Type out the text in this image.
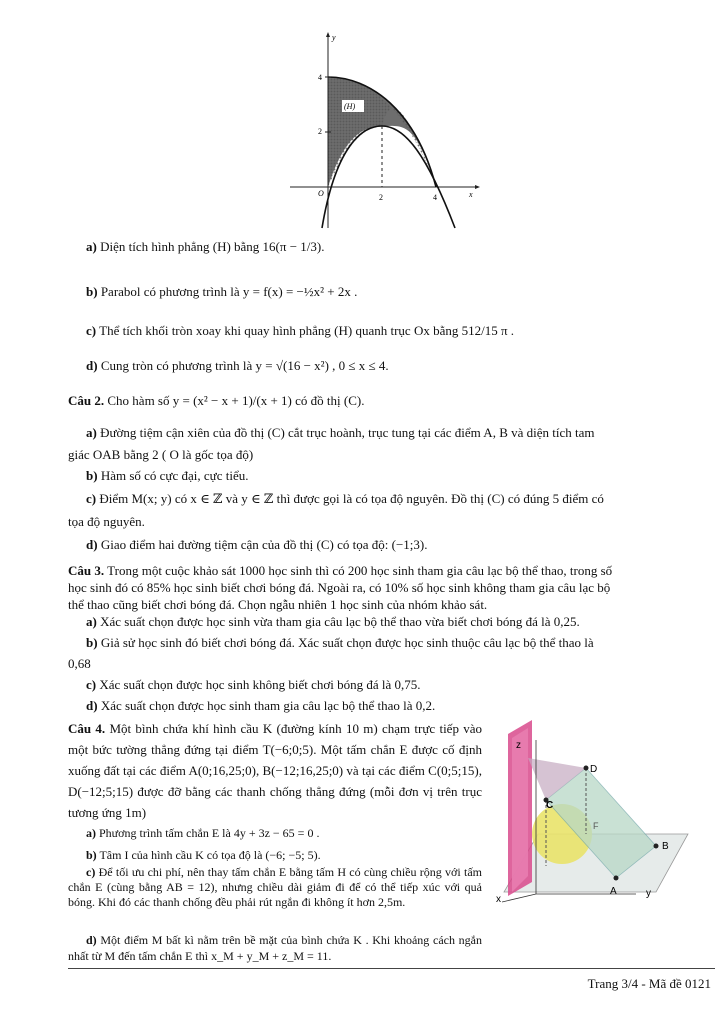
4
2
2	4
O
y
x
(H)
a) Diện tích hình phẳng (H) bằng 16(π − 1/3).
b) Parabol có phương trình là y = f(x) = −½x² + 2x .
c) Thể tích khối tròn xoay khi quay hình phẳng (H) quanh trục Ox bằng 512/15 π .
d) Cung tròn có phương trình là y = √(16 − x²) , 0 ≤ x ≤ 4.
Câu 2. Cho hàm số y = (x² − x + 1)/(x + 1) có đồ thị (C).
a) Đường tiệm cận xiên của đồ thị (C) cắt trục hoành, trục tung tại các điểm A, B và diện tích tam
giác OAB bằng 2 ( O là gốc tọa độ)
b) Hàm số có cực đại, cực tiểu.
c) Điểm M(x; y) có x ∈ ℤ và y ∈ ℤ thì được gọi là có tọa độ nguyên. Đồ thị (C) có đúng 5 điểm có
tọa độ nguyên.
d) Giao điểm hai đường tiệm cận của đồ thị (C) có tọa độ: (−1;3).
Câu 3. Trong một cuộc khảo sát 1000 học sinh thì có 200 học sinh tham gia câu lạc bộ thể thao, trong số
học sinh đó có 85% học sinh biết chơi bóng đá. Ngoài ra, có 10% số học sinh không tham gia câu lạc bộ
thể thao cũng biết chơi bóng đá. Chọn ngẫu nhiên 1 học sinh của nhóm khảo sát.
a) Xác suất chọn được học sinh vừa tham gia câu lạc bộ thể thao vừa biết chơi bóng đá là 0,25.
b) Giả sử học sinh đó biết chơi bóng đá. Xác suất chọn được học sinh thuộc câu lạc bộ thể thao là
0,68
c) Xác suất chọn được học sinh không biết chơi bóng đá là 0,75.
d) Xác suất chọn được học sinh tham gia câu lạc bộ thể thao là 0,2.
Câu 4. Một bình chứa khí hình cầu K (đường kính 10 m) chạm trực tiếp vào một bức tường thẳng đứng tại điểm T(−6;0;5). Một tấm chắn E được cố định xuống đất tại các điểm A(0;16,25;0), B(−12;16,25;0) và tại các điểm C(0;5;15), D(−12;5;15) được đỡ bằng các thanh chống thẳng đứng (mỗi đơn vị trên trục tương ứng 1m)
a) Phương trình tấm chắn E là 4y + 3z − 65 = 0 .
b) Tâm I của hình cầu K có tọa độ là (−6; −5; 5).
c) Để tối ưu chi phí, nên thay tấm chắn E bằng tấm H có cùng chiều rộng với tấm chắn E (cùng bằng AB = 12), nhưng chiều dài giảm đi để có thể tiếp xúc với quả bóng. Khi đó các thanh chống đều phải rút ngắn đi không ít hơn 2,5m.
d) Một điểm M bất kì nằm trên bề mặt của bình chứa K . Khi khoảng cách ngắn nhất từ M đến tấm chắn E thì x_M + y_M + z_M = 11.
z
x
y
D
C
B
A
F
Trang 3/4 - Mã đề 0121
